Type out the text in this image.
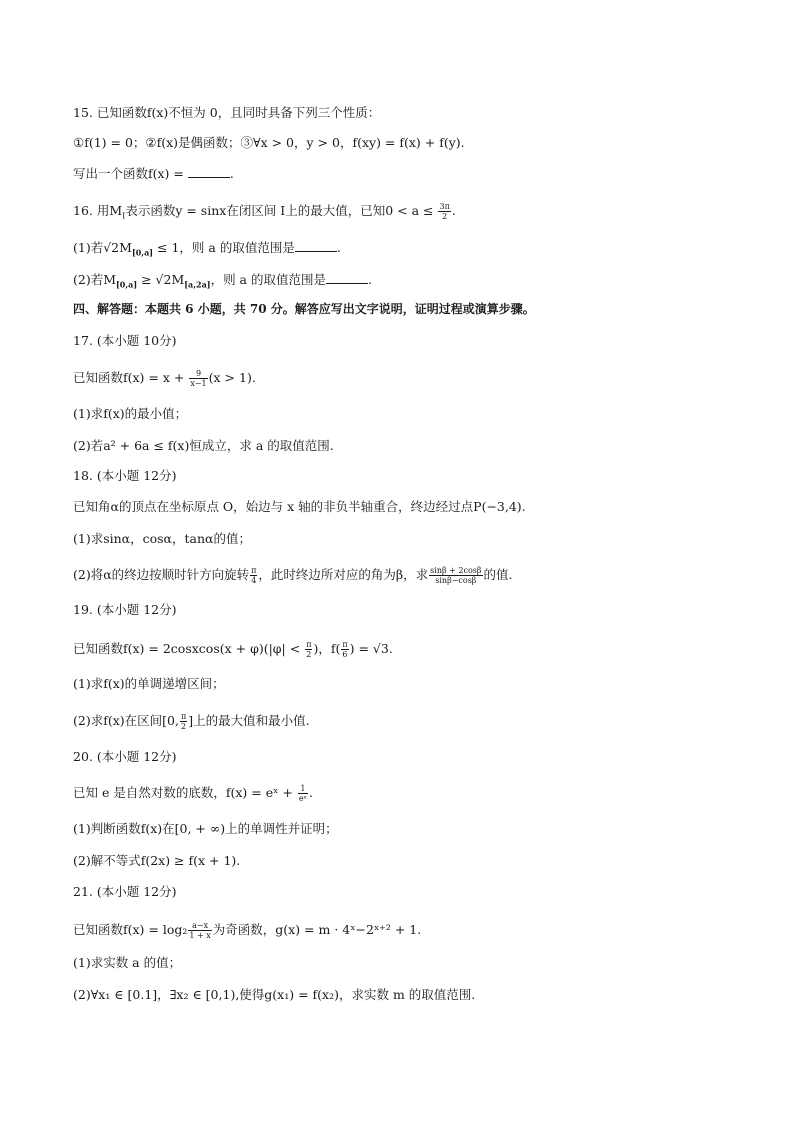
15. 已知函数f(x)不恒为 0，且同时具备下列三个性质：
①f(1) = 0；②f(x)是偶函数；③∀x > 0，y > 0，f(xy) = f(x) + f(y).
写出一个函数f(x) =	.
16. 用$M_I$表示函数y = sinx在闭区间 I上的最大值，已知$0 < a \le \frac{3\pi}{2}$ .
(1)若$√2M_{[0,a]} \le 1$，则 a 的取值范围是	.
(2)若$M_{[0,a]} \ge √2M_{[a,2a]}$，则 a 的取值范围是	.
四、解答题：本题共 6 小题，共 70 分。解答应写出文字说明，证明过程或演算步骤。
17. (本小题 10分)
已知函数$f(x) = x + \frac{9}{x-1} (x > 1)$.
(1)求f(x)的最小值；
(2)若a² + 6a ≤ f(x)恒成立，求 a 的取值范围.
18. (本小题 12分)
已知角α的顶点在坐标原点 O，始边与 x 轴的非负半轴重合，终边经过点P(−3,4).
(1)求sinα，cosα，tanα的值；
(2)将α的终边按顺时针方向旋转 $\frac{\pi}{4}$ ，此时终边所对应的角为β，求 $\frac{\sin\beta + 2\cos\beta}{\sin\beta-\cos\beta}$ 的值.
19. (本小题 12分)
已知函数f(x) = 2cosxcos(x + $\varphi)(|\varphi| < \frac{\pi}{2}$ )，$f( \frac{\pi}{6}$ ) = √3.
(1)求f(x)的单调递增区间；
(2)求f(x)在区间[0, $\frac{\pi}{2}$ ]上的最大值和最小值.
20. (本小题 12分)
已知 e 是自然对数的底数，f(x) = eˣ + $\frac{1}{\text{eˣ}}$ .
(1)判断函数f(x)在[0, + ∞)上的单调性并证明；
(2)解不等式f(2x) ≥ f(x + 1).
21. (本小题 12分)
已知函数$f(x) = \log_2 \frac{a-x}{1 + x}$ 为奇函数，g(x) = m · 4ˣ−2ˣ⁺² + 1.
(1)求实数 a 的值；
(2)∀x₁ ∈ [0.1]，∃x₂ ∈ [0,1),使得g(x₁) = f(x₂)，求实数 m 的取值范围.
